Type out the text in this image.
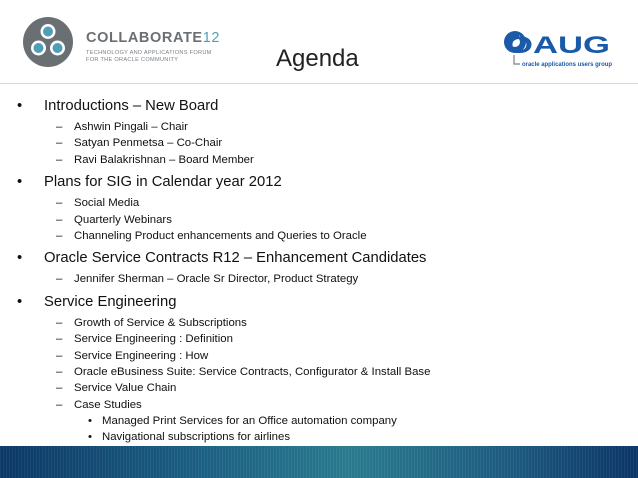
COLLABORATE12
TECHNOLOGY AND APPLICATIONS FORUM
FOR THE ORACLE COMMUNITY	Agenda	OAUG
oracle applications users group
• Introductions – New Board
– Ashwin Pingali – Chair
– Satyan Penmetsa – Co-Chair
– Ravi Balakrishnan – Board Member
• Plans for SIG in Calendar year 2012
– Social Media
– Quarterly Webinars
– Channeling Product enhancements and Queries to Oracle
• Oracle Service Contracts R12 – Enhancement Candidates
– Jennifer Sherman – Oracle Sr Director, Product Strategy
• Service Engineering
– Growth of Service & Subscriptions
– Service Engineering : Definition
– Service Engineering : How
– Oracle eBusiness Suite: Service Contracts, Configurator & Install Base
– Service Value Chain
– Case Studies
• Managed Print Services for an Office automation company
• Navigational subscriptions for airlines
